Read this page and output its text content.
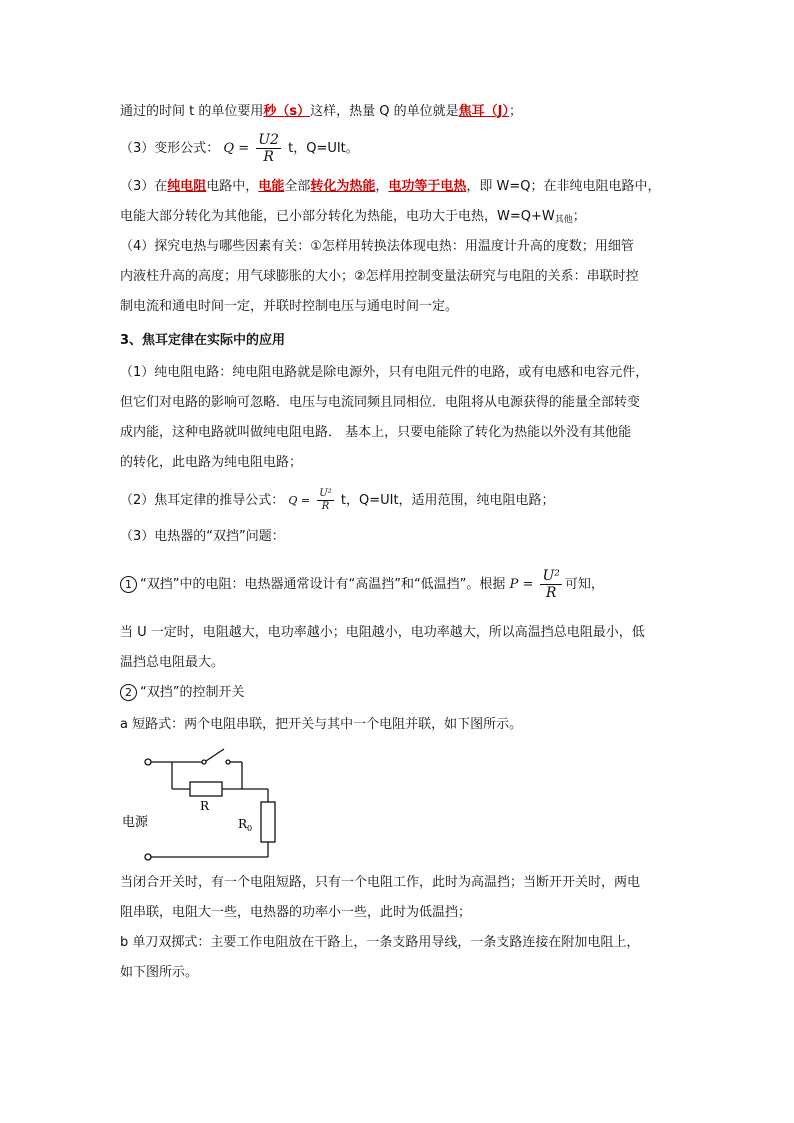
通过的时间 t 的单位要用秒（s）这样，热量 Q 的单位就是焦耳（J）；
（3）变形公式： $Q = \frac{U2}{R}$ t，Q=UIt。
（3）在纯电阻电路中，电能全部转化为热能，电功等于电热，即 W=Q；在非纯电阻电路中，
电能大部分转化为其他能，已小部分转化为热能，电功大于电热，$W=Q+W_{其他}$；
（4）探究电热与哪些因素有关：①怎样用转换法体现电热：用温度计升高的度数；用细管
内液柱升高的高度；用气球膨胀的大小；②怎样用控制变量法研究与电阻的关系：串联时控
制电流和通电时间一定，并联时控制电压与通电时间一定。
3、焦耳定律在实际中的应用
（1）纯电阻电路：纯电阻电路就是除电源外，只有电阻元件的电路，或有电感和电容元件，
但它们对电路的影响可忽略．电压与电流同频且同相位．电阻将从电源获得的能量全部转变
成内能，这种电路就叫做纯电阻电路． 基本上，只要电能除了转化为热能以外没有其他能
的转化，此电路为纯电阻电路；
（2）焦耳定律的推导公式： $Q = \frac{\text{U²}}{R}$ t，Q=UIt，适用范围，纯电阻电路；
（3）电热器的“双挡”问题：
1 “双挡”中的电阻：电热器通常设计有“高温挡”和“低温挡”。根据 $P = \frac{\text{U²}}{R}$ 可知，
当 U 一定时，电阻越大，电功率越小；电阻越小，电功率越大，所以高温挡总电阻最小，低
温挡总电阻最大。
2 “双挡”的控制开关
a 短路式：两个电阻串联，把开关与其中一个电阻并联，如下图所示。
R
$R_0$
电源
当闭合开关时，有一个电阻短路，只有一个电阻工作，此时为高温挡；当断开开关时，两电
阻串联，电阻大一些，电热器的功率小一些，此时为低温挡；
b 单刀双掷式：主要工作电阻放在干路上，一条支路用导线，一条支路连接在附加电阻上，
如下图所示。
